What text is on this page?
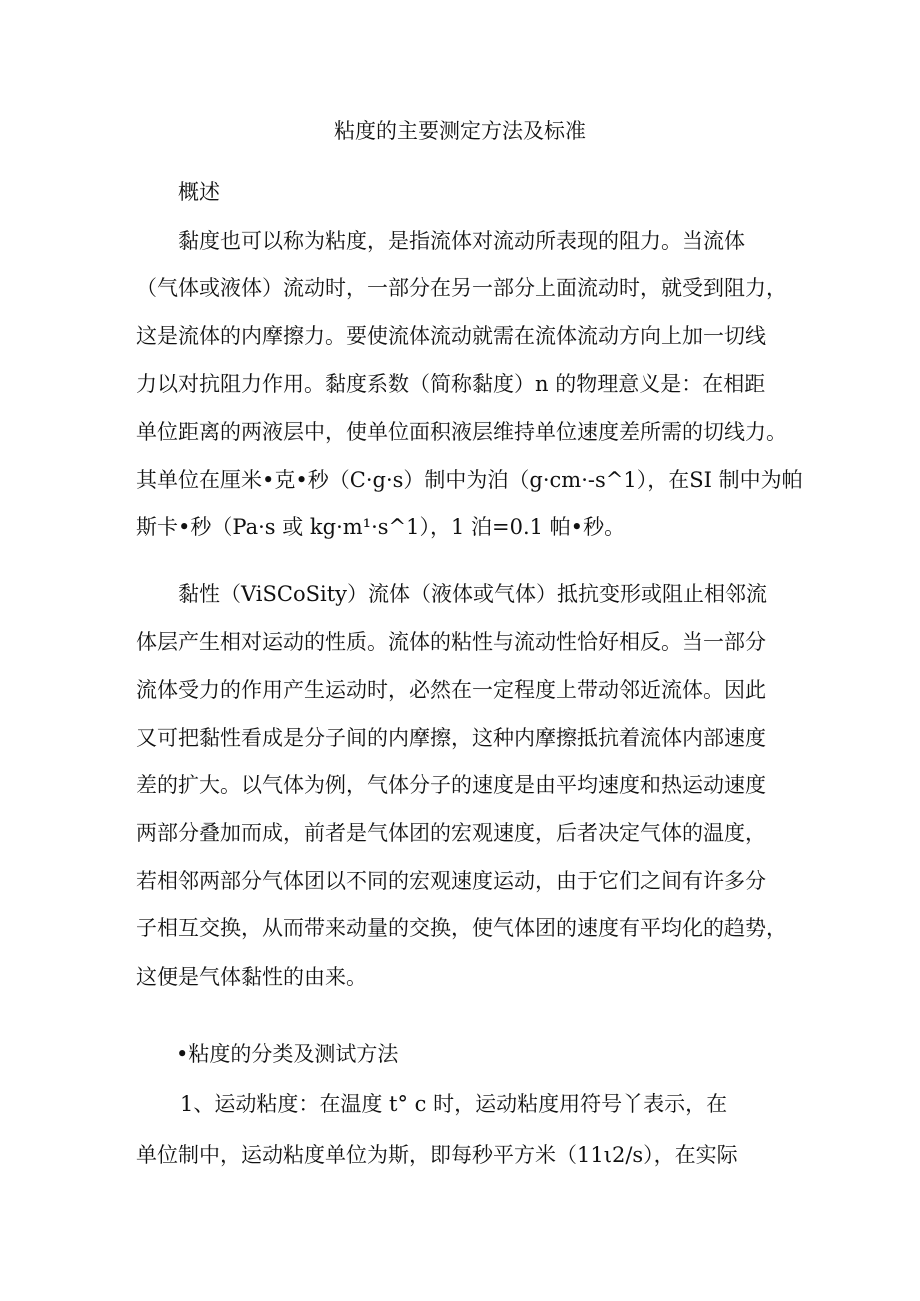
粘度的主要测定方法及标准
概述
黏度也可以称为粘度，是指流体对流动所表现的阻力。当流体
（气体或液体）流动时，一部分在另一部分上面流动时，就受到阻力，
这是流体的内摩擦力。要使流体流动就需在流体流动方向上加一切线
力以对抗阻力作用。黏度系数（简称黏度）n 的物理意义是：在相距
单位距离的两液层中，使单位面积液层维持单位速度差所需的切线力。
其单位在厘米•克•秒（C·g·s）制中为泊（g·cm·-s^1），在SI 制中为帕
斯卡•秒（Pa·s 或 kg·m¹·s^1），1 泊=0.1 帕•秒。
黏性（ViSCoSity）流体（液体或气体）抵抗变形或阻止相邻流
体层产生相对运动的性质。流体的粘性与流动性恰好相反。当一部分
流体受力的作用产生运动时，必然在一定程度上带动邻近流体。因此
又可把黏性看成是分子间的内摩擦，这种内摩擦抵抗着流体内部速度
差的扩大。以气体为例，气体分子的速度是由平均速度和热运动速度
两部分叠加而成，前者是气体团的宏观速度，后者决定气体的温度，
若相邻两部分气体团以不同的宏观速度运动，由于它们之间有许多分
子相互交换，从而带来动量的交换，使气体团的速度有平均化的趋势，
这便是气体黏性的由来。
•粘度的分类及测试方法
1、运动粘度：在温度 t° c 时，运动粘度用符号丫表示，在
单位制中，运动粘度单位为斯，即每秒平方米（11ι2/s），在实际
